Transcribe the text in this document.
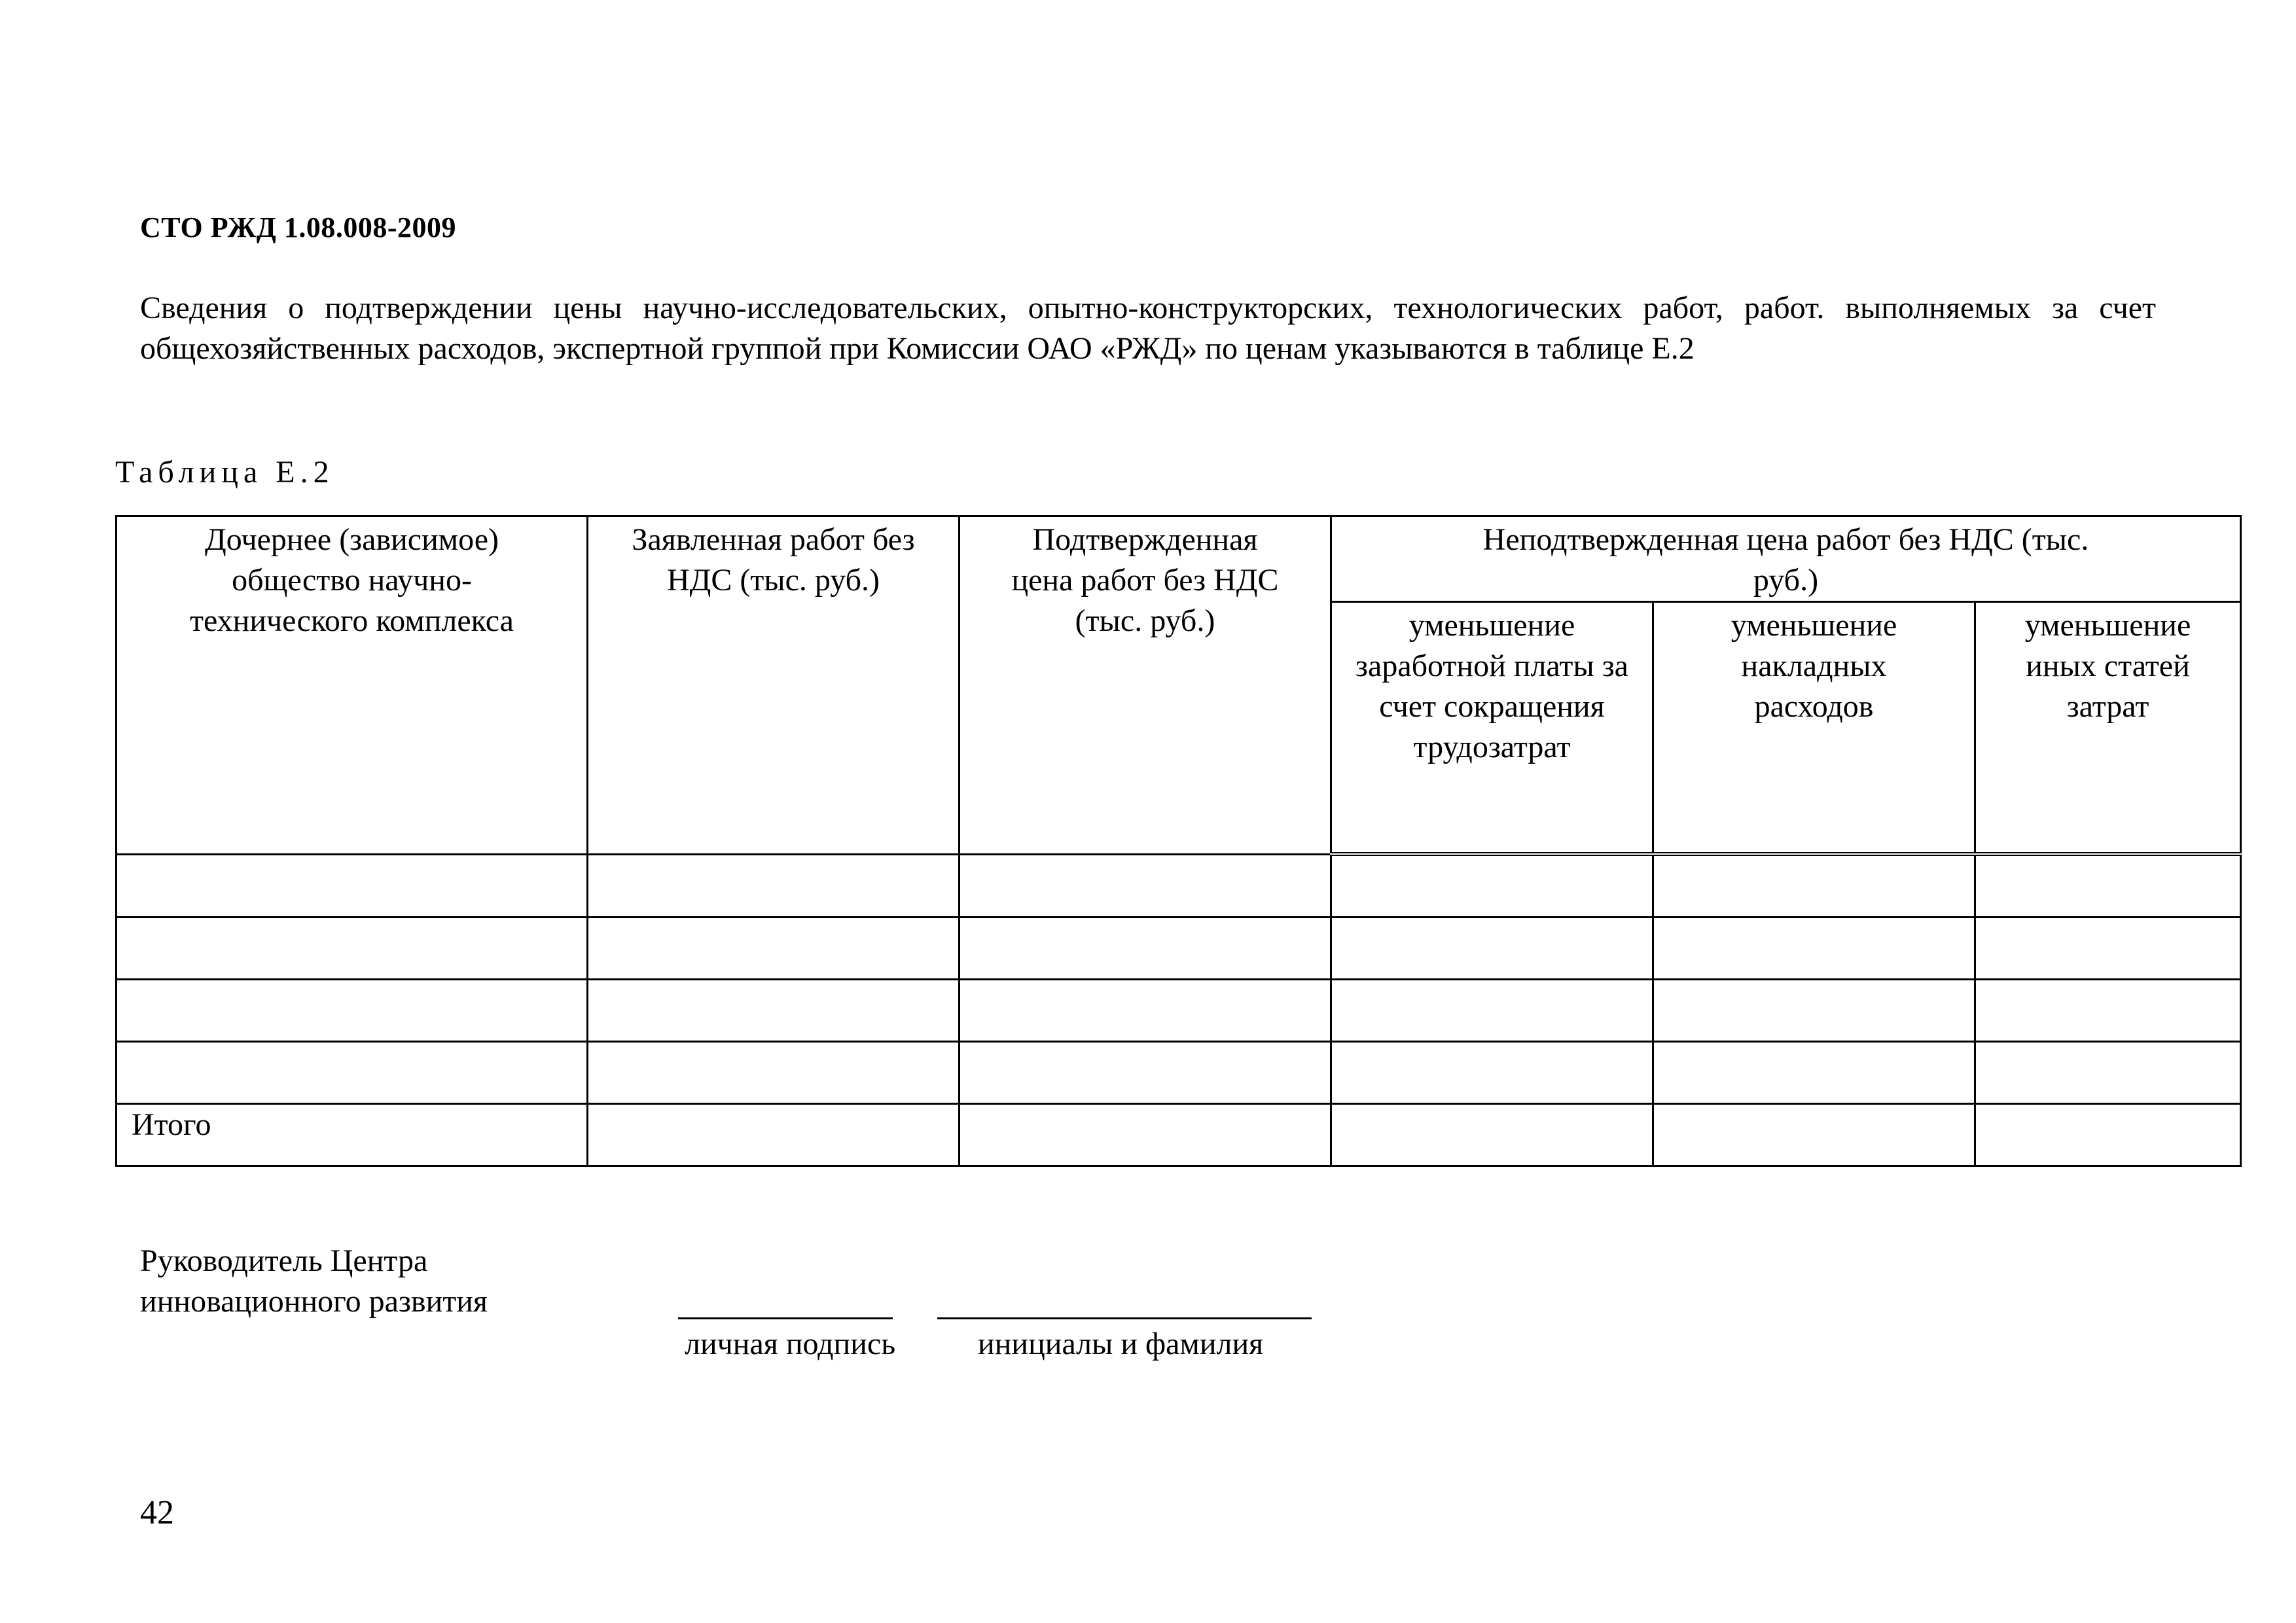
СТО РЖД 1.08.008-2009

Сведения о подтверждении цены научно-исследовательских, опытно-конструкторских, технологических работ, работ. выполняемых за счет общехозяйственных расходов, экспертной группой при Комиссии ОАО «РЖД» по ценам указываются в таблице Е.2

Таблица Е.2
Дочернее (зависимое) общество научно-технического комплекса	Заявленная работ без НДС (тыс. руб.)	Подтвержденная цена работ без НДС (тыс. руб.)	Неподтвержденная цена работ без НДС (тыс. руб.)		

			уменьшение заработной платы за счет сокращения трудозатрат	уменьшение накладных расходов	уменьшение иных статей затрат

Итого					
Руководитель Центра инновационного развития
личная подпись	инициалы и фамилия
42
